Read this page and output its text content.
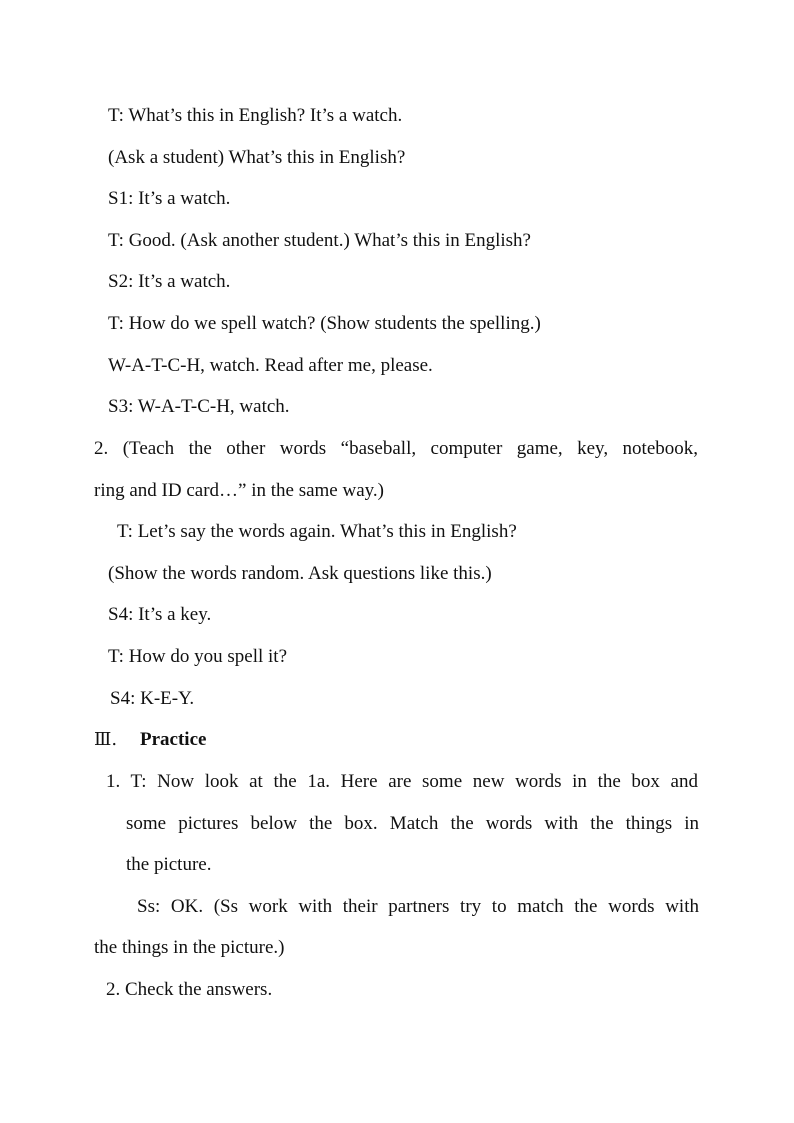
T: What’s this in English? It’s a watch.
(Ask a student) What’s this in English?
S1: It’s a watch.
T: Good. (Ask another student.) What’s this in English?
S2: It’s a watch.
T: How do we spell watch? (Show students the spelling.)
W-A-T-C-H, watch. Read after me, please.
S3: W-A-T-C-H, watch.
2. (Teach the other words “baseball, computer game, key, notebook,
ring and ID card…” in the same way.)
T: Let’s say the words again. What’s this in English?
(Show the words random. Ask questions like this.)
S4: It’s a key.
T: How do you spell it?
S4: K-E-Y.
Ⅲ. Practice
1. T: Now look at the 1a. Here are some new words in the box and
some pictures below the box. Match the words with the things in
the picture.
Ss: OK. (Ss work with their partners try to match the words with
the things in the picture.)
2. Check the answers.
